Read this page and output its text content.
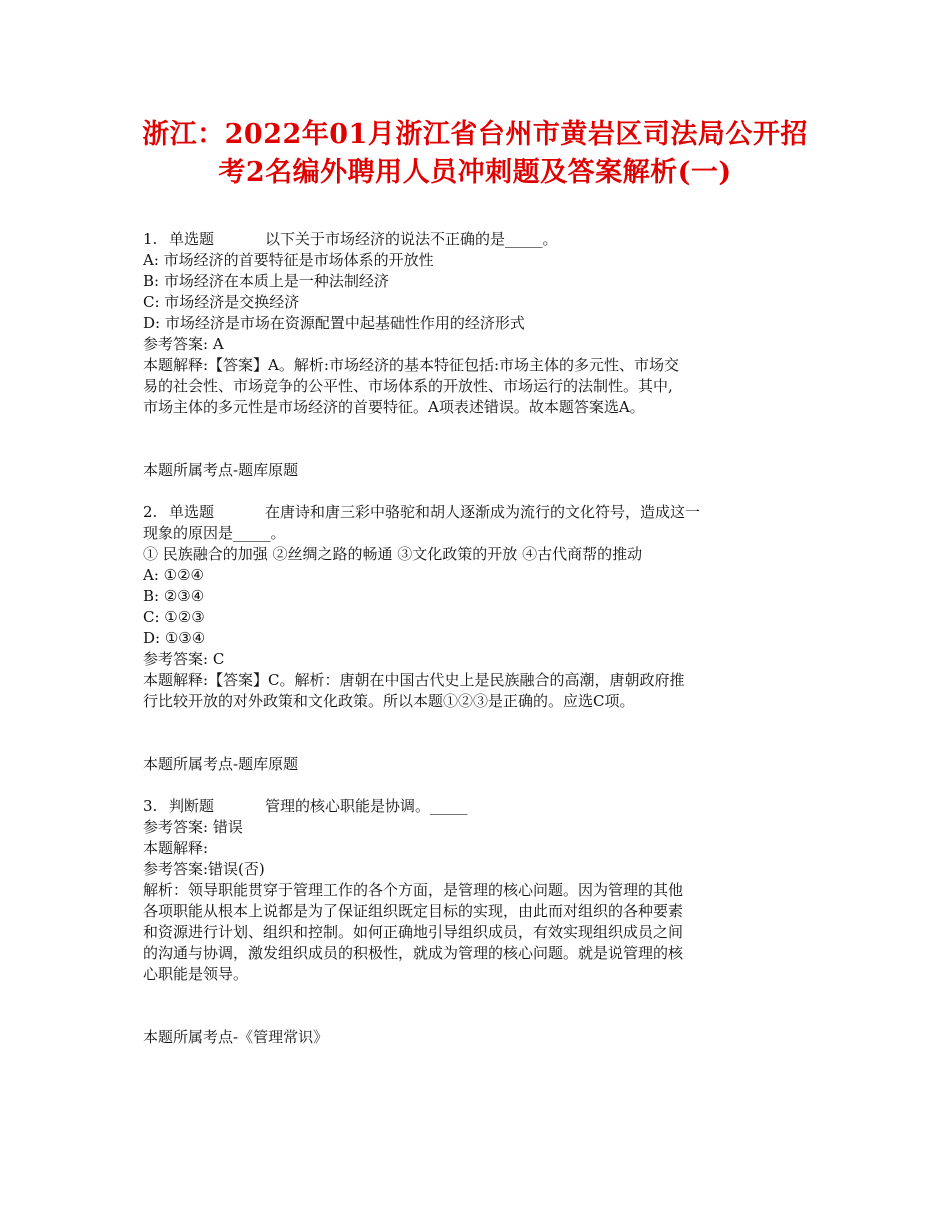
浙江：2022年01月浙江省台州市黄岩区司法局公开招
考2名编外聘用人员冲刺题及答案解析(一)
1. 单选题	以下关于市场经济的说法不正确的是_____。
A: 市场经济的首要特征是市场体系的开放性
B: 市场经济在本质上是一种法制经济
C: 市场经济是交换经济
D: 市场经济是市场在资源配置中起基础性作用的经济形式
参考答案: A
本题解释:【答案】A。解析:市场经济的基本特征包括:市场主体的多元性、市场交
易的社会性、市场竞争的公平性、市场体系的开放性、市场运行的法制性。其中,
市场主体的多元性是市场经济的首要特征。A项表述错误。故本题答案选A。
本题所属考点-题库原题
2. 单选题	在唐诗和唐三彩中骆驼和胡人逐渐成为流行的文化符号，造成这一
现象的原因是_____。
① 民族融合的加强 ②丝绸之路的畅通 ③文化政策的开放 ④古代商帮的推动
A: ①②④
B: ②③④
C: ①②③
D: ①③④
参考答案: C
本题解释:【答案】C。解析：唐朝在中国古代史上是民族融合的高潮，唐朝政府推
行比较开放的对外政策和文化政策。所以本题①②③是正确的。应选C项。
本题所属考点-题库原题
3. 判断题	管理的核心职能是协调。_____
参考答案: 错误
本题解释:
参考答案:错误(否)
解析：领导职能贯穿于管理工作的各个方面，是管理的核心问题。因为管理的其他
各项职能从根本上说都是为了保证组织既定目标的实现，由此而对组织的各种要素
和资源进行计划、组织和控制。如何正确地引导组织成员，有效实现组织成员之间
的沟通与协调，激发组织成员的积极性，就成为管理的核心问题。就是说管理的核
心职能是领导。
本题所属考点-《管理常识》
